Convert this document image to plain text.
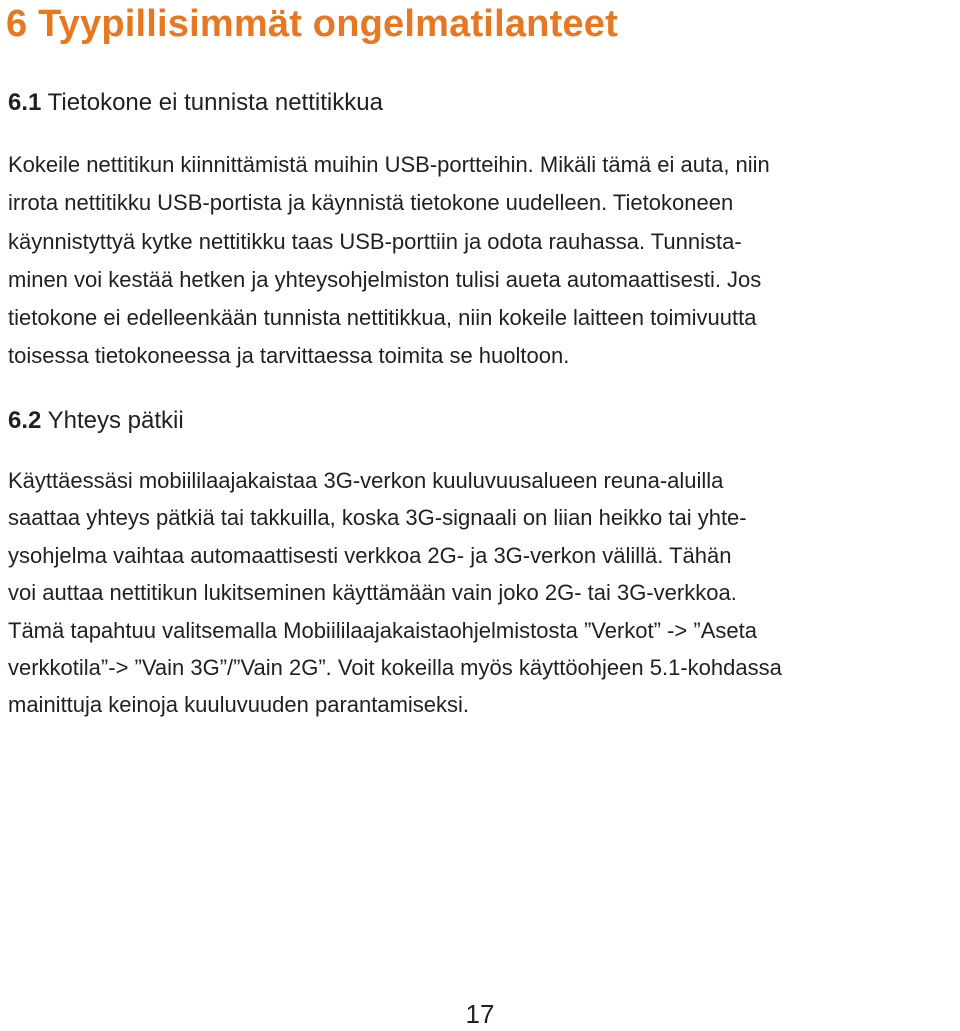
6 Tyypillisimmät ongelmatilanteet
6.1 Tietokone ei tunnista nettitikkua

Kokeile nettitikun kiinnittämistä muihin USB-portteihin. Mikäli tämä ei auta, niin
irrota nettitikku USB-portista ja käynnistä tietokone uudelleen. Tietokoneen
käynnistyttyä kytke nettitikku taas USB-porttiin ja odota rauhassa. Tunnista-
minen voi kestää hetken ja yhteysohjelmiston tulisi aueta automaattisesti. Jos
tietokone ei edelleenkään tunnista nettitikkua, niin kokeile laitteen toimivuutta
toisessa tietokoneessa ja tarvittaessa toimita se huoltoon.

6.2 Yhteys pätkii

Käyttäessäsi mobiililaajakaistaa 3G-verkon kuuluvuusalueen reuna-aluilla
saattaa yhteys pätkiä tai takkuilla, koska 3G-signaali on liian heikko tai yhte-
ysohjelma vaihtaa automaattisesti verkkoa 2G- ja 3G-verkon välillä. Tähän
voi auttaa nettitikun lukitseminen käyttämään vain joko 2G- tai 3G-verkkoa.
Tämä tapahtuu valitsemalla Mobiililaajakaistaohjelmistosta ”Verkot” -> ”Aseta
verkkotila”-> ”Vain 3G”/”Vain 2G”. Voit kokeilla myös käyttöohjeen 5.1-kohdassa
mainittuja keinoja kuuluvuuden parantamiseksi.

17
